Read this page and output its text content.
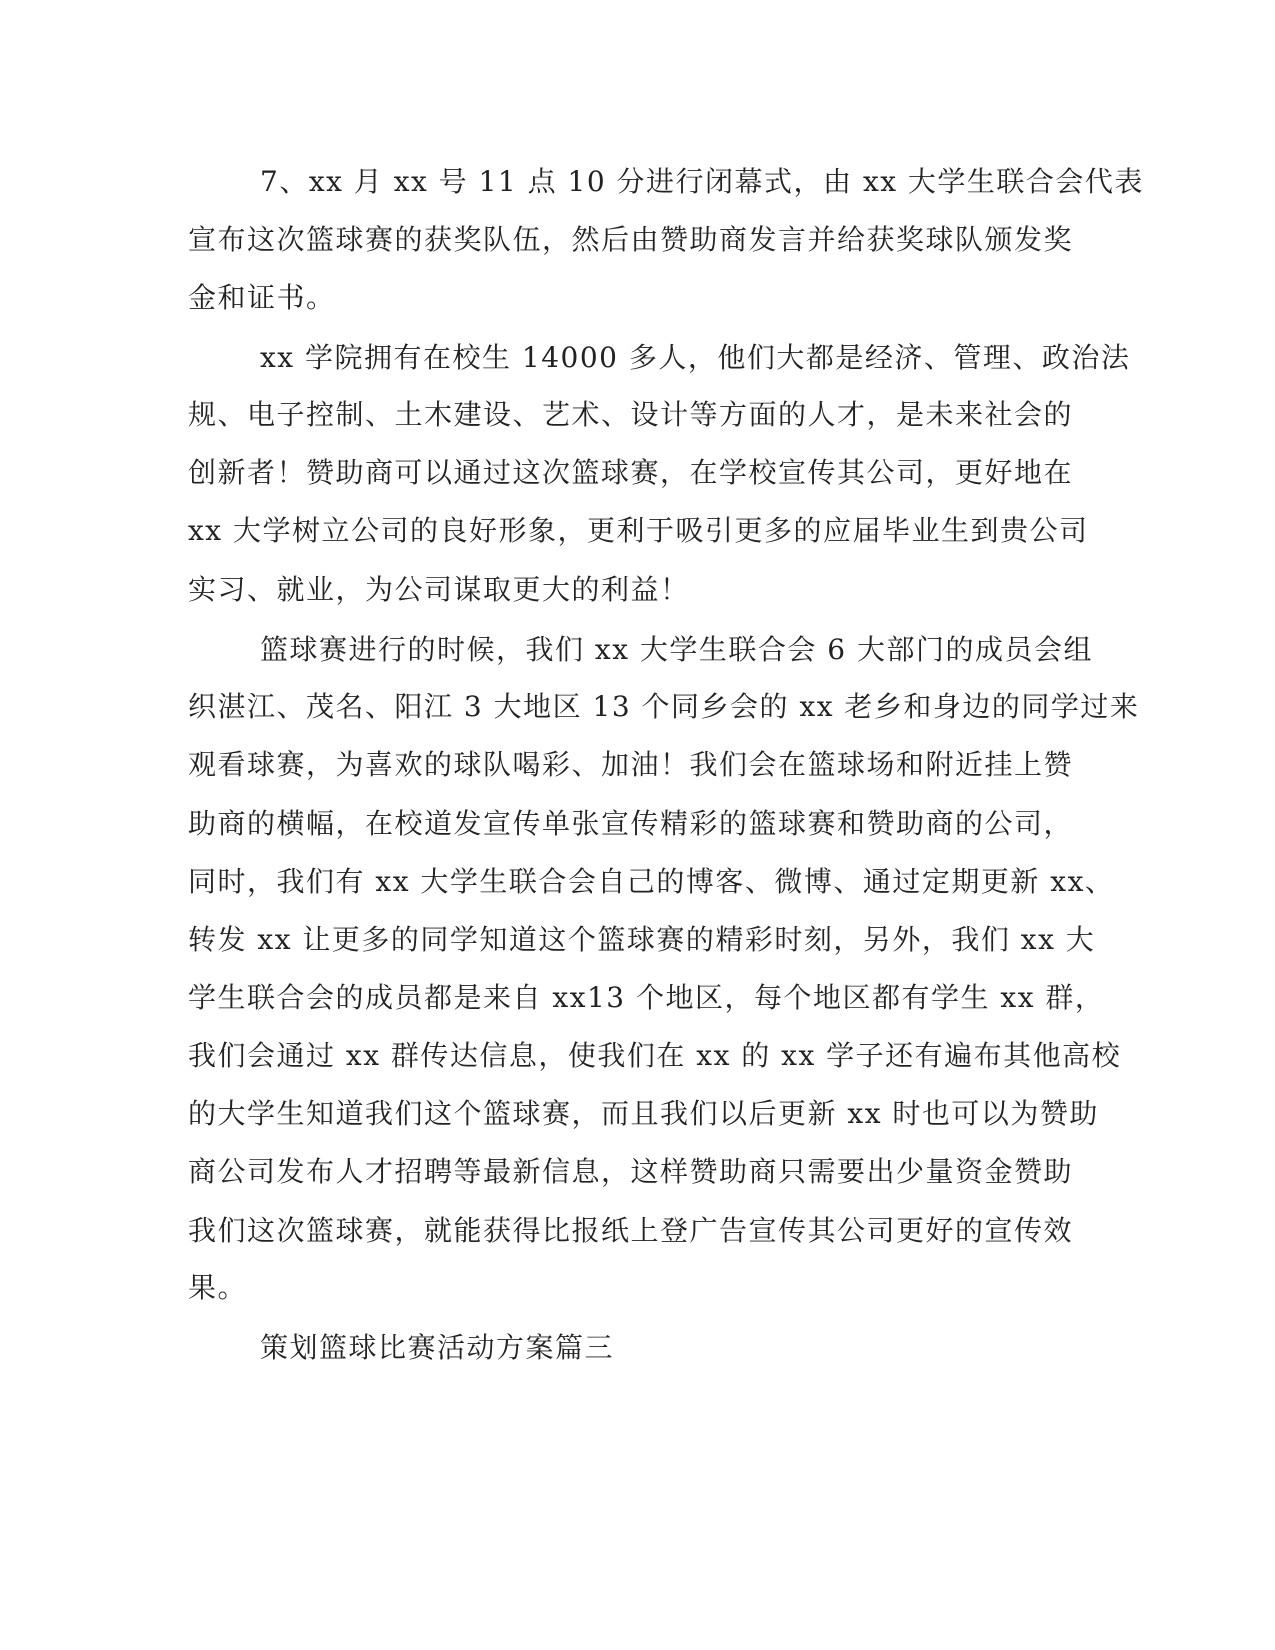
7、xx 月 xx 号 11 点 10 分进行闭幕式，由 xx 大学生联合会代表
宣布这次篮球赛的获奖队伍，然后由赞助商发言并给获奖球队颁发奖
金和证书。
xx 学院拥有在校生 14000 多人，他们大都是经济、管理、政治法
规、电子控制、土木建设、艺术、设计等方面的人才，是未来社会的
创新者！赞助商可以通过这次篮球赛，在学校宣传其公司，更好地在
xx 大学树立公司的良好形象，更利于吸引更多的应届毕业生到贵公司
实习、就业，为公司谋取更大的利益！
篮球赛进行的时候，我们 xx 大学生联合会 6 大部门的成员会组
织湛江、茂名、阳江 3 大地区 13 个同乡会的 xx 老乡和身边的同学过来
观看球赛，为喜欢的球队喝彩、加油！我们会在篮球场和附近挂上赞
助商的横幅，在校道发宣传单张宣传精彩的篮球赛和赞助商的公司，
同时，我们有 xx 大学生联合会自己的博客、微博、通过定期更新 xx、
转发 xx 让更多的同学知道这个篮球赛的精彩时刻，另外，我们 xx 大
学生联合会的成员都是来自 xx13 个地区，每个地区都有学生 xx 群，
我们会通过 xx 群传达信息，使我们在 xx 的 xx 学子还有遍布其他高校
的大学生知道我们这个篮球赛，而且我们以后更新 xx 时也可以为赞助
商公司发布人才招聘等最新信息，这样赞助商只需要出少量资金赞助
我们这次篮球赛，就能获得比报纸上登广告宣传其公司更好的宣传效
果。
策划篮球比赛活动方案篇三
